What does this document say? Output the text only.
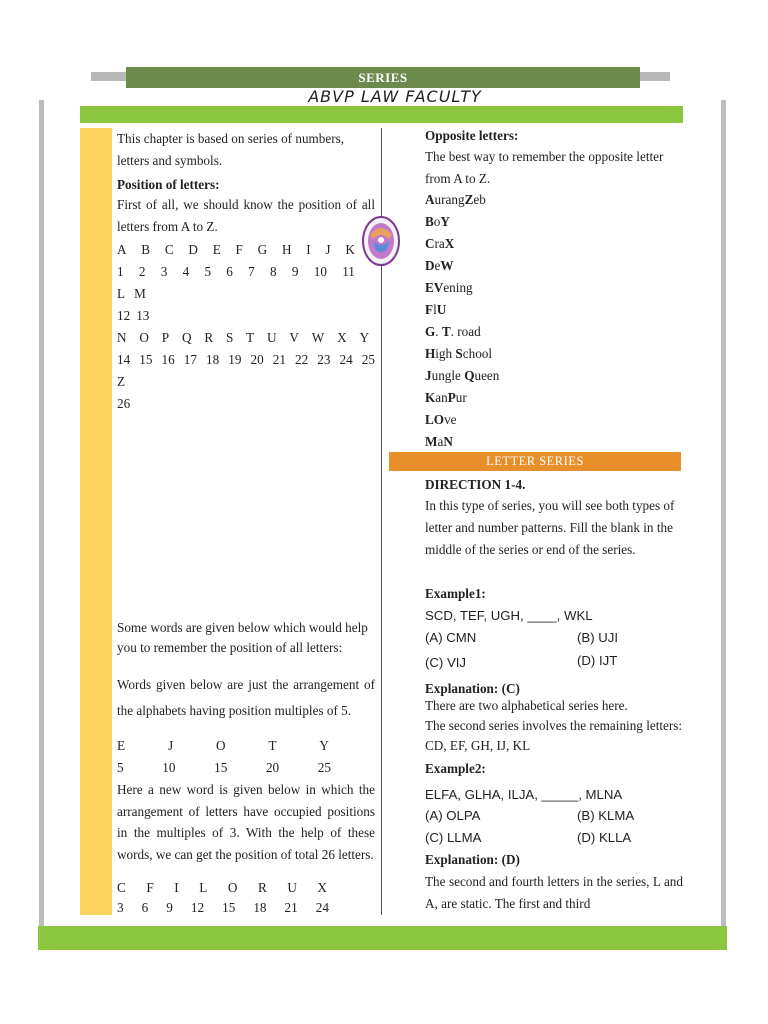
SERIES
ABVP LAW FACULTY
This chapter is based on series of numbers, letters and symbols.
Position of letters:
First of all, we should know the position of all letters from A to Z.
A B C D E F G H I J K
1 2 3 4 5 6 7 8 9 10 11
L M
12 13
N O P Q R S T U V W X Y
14 15 16 17 18 19 20 21 22 23 24 25
Z
26
Some words are given below which would help you to remember the position of all letters:
Words given below are just the arrangement of the alphabets having position multiples of 5.
E	J	O	T	Y
5	10	15	20	25
Here a new word is given below in which the arrangement of letters have occupied positions in the multiples of 3. With the help of these words, we can get the position of total 26 letters.
C F I L O R U X
3 6 9 12 15 18 21 24
Opposite letters:
The best way to remember the opposite letter from A to Z.
AurangZeb
BoY
CraX
DeW
EVening
FlU
G. T. road
High School
Jungle Queen
KanPur
LOve
MaN
LETTER SERIES
DIRECTION 1-4.
In this type of series, you will see both types of letter and number patterns. Fill the blank in the middle of the series or end of the series.
Example1:
SCD, TEF, UGH, ____, WKL
(A) CMN	(B) UJI
(C) VIJ	(D) IJT
Explanation: (C)
There are two alphabetical series here.
The second series involves the remaining letters: CD, EF, GH, IJ, KL
Example2:
ELFA, GLHA, ILJA, _____, MLNA
(A) OLPA	(B) KLMA
(C) LLMA	(D) KLLA
Explanation: (D)
The second and fourth letters in the series, L and A, are static. The first and third
